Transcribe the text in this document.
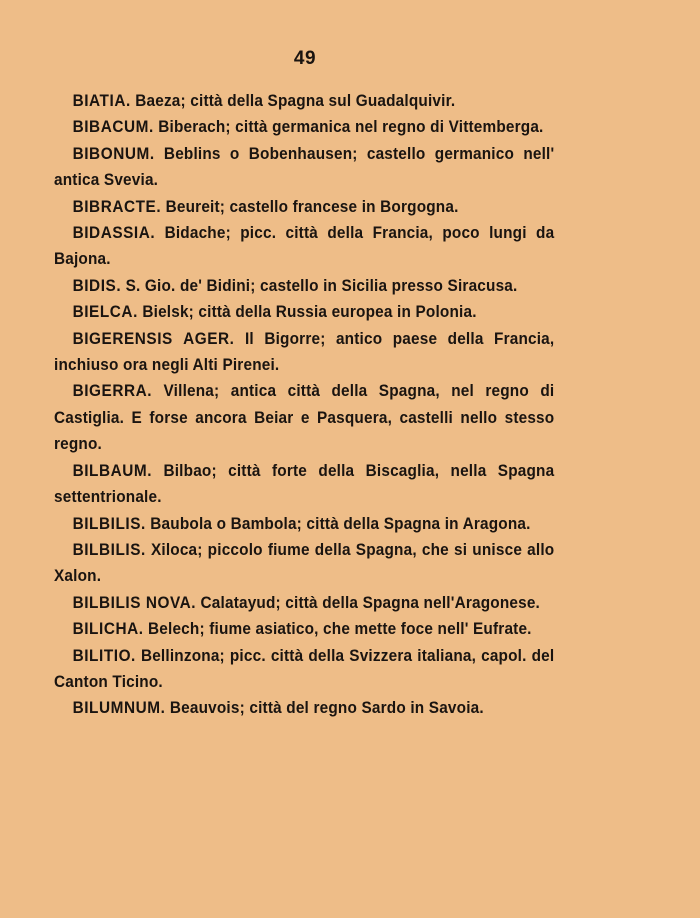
49

BIATIA. Baeza; città della Spagna sul Guadalquivir.

BIBACUM. Biberach; città germanica nel regno di Vittemberga.

BIBONUM. Beblins o Bobenhausen; castello germanico nell' antica Svevia.

BIBRACTE. Beureit; castello francese in Borgogna.

BIDASSIA. Bidache; picc. città della Francia, poco lungi da Bajona.

BIDIS. S. Gio. de' Bidini; castello in Sicilia presso Siracusa.

BIELCA. Bielsk; città della Russia europea in Polonia.

BIGERENSIS AGER. Il Bigorre; antico paese della Francia, inchiuso ora negli Alti Pirenei.

BIGERRA. Villena; antica città della Spagna, nel regno di Castiglia. E forse ancora Beiar e Pasquera, castelli nello stesso regno.

BILBAUM. Bilbao; città forte della Biscaglia, nella Spagna settentrionale.

BILBILIS. Baubola o Bambola; città della Spagna in Aragona.

BILBILIS. Xiloca; piccolo fiume della Spagna, che si unisce allo Xalon.

BILBILIS NOVA. Calatayud; città della Spagna nell'Aragonese.

BILICHA. Belech; fiume asiatico, che mette foce nell' Eufrate.

BILITIO. Bellinzona; picc. città della Svizzera italiana, capol. del Canton Ticino.

BILUMNUM. Beauvois; città del regno Sardo in Savoia.
